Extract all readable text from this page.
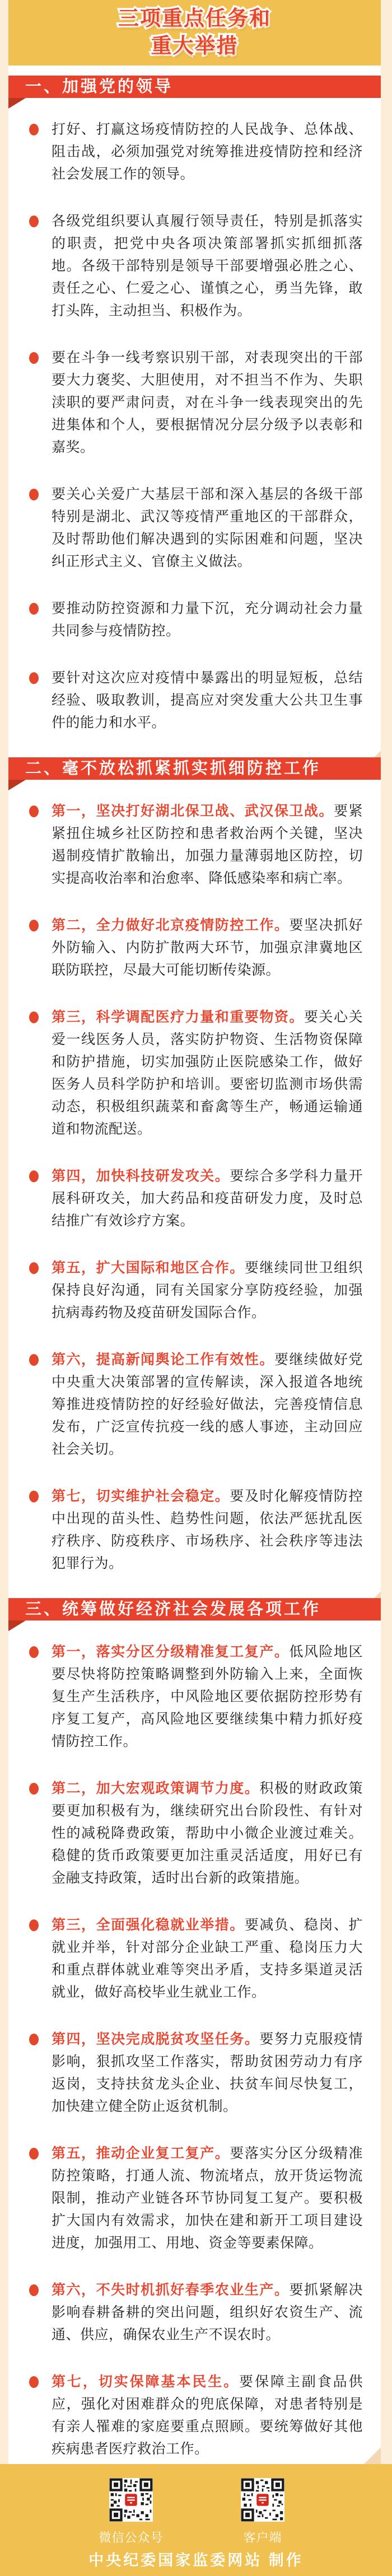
三项重点任务和
重大举措
一、加强党的领导
打好、打赢这场疫情防控的人民战争、总体战、阻击战，必须加强党对统筹推进疫情防控和经济社会发展工作的领导。
各级党组织要认真履行领导责任，特别是抓落实的职责，把党中央各项决策部署抓实抓细抓落地。各级干部特别是领导干部要增强必胜之心、责任之心、仁爱之心、谨慎之心，勇当先锋，敢打头阵，主动担当、积极作为。
要在斗争一线考察识别干部，对表现突出的干部要大力褒奖、大胆使用，对不担当不作为、失职渎职的要严肃问责，对在斗争一线表现突出的先进集体和个人，要根据情况分层分级予以表彰和嘉奖。
要关心关爱广大基层干部和深入基层的各级干部特别是湖北、武汉等疫情严重地区的干部群众，及时帮助他们解决遇到的实际困难和问题，坚决纠正形式主义、官僚主义做法。
要推动防控资源和力量下沉，充分调动社会力量共同参与疫情防控。
要针对这次应对疫情中暴露出的明显短板，总结经验、吸取教训，提高应对突发重大公共卫生事件的能力和水平。
二、毫不放松抓紧抓实抓细防控工作
第一，坚决打好湖北保卫战、武汉保卫战。要紧紧扭住城乡社区防控和患者救治两个关键，坚决遏制疫情扩散输出，加强力量薄弱地区防控，切实提高收治率和治愈率、降低感染率和病亡率。
第二，全力做好北京疫情防控工作。要坚决抓好外防输入、内防扩散两大环节，加强京津冀地区联防联控，尽最大可能切断传染源。
第三，科学调配医疗力量和重要物资。要关心关爱一线医务人员，落实防护物资、生活物资保障和防护措施，切实加强防止医院感染工作，做好医务人员科学防护和培训。要密切监测市场供需动态，积极组织蔬菜和畜禽等生产，畅通运输通道和物流配送。
第四，加快科技研发攻关。要综合多学科力量开展科研攻关，加大药品和疫苗研发力度，及时总结推广有效诊疗方案。
第五，扩大国际和地区合作。要继续同世卫组织保持良好沟通，同有关国家分享防疫经验，加强抗病毒药物及疫苗研发国际合作。
第六，提高新闻舆论工作有效性。要继续做好党中央重大决策部署的宣传解读，深入报道各地统筹推进疫情防控的好经验好做法，完善疫情信息发布，广泛宣传抗疫一线的感人事迹，主动回应社会关切。
第七，切实维护社会稳定。要及时化解疫情防控中出现的苗头性、趋势性问题，依法严惩扰乱医疗秩序、防疫秩序、市场秩序、社会秩序等违法犯罪行为。
三、统筹做好经济社会发展各项工作
第一，落实分区分级精准复工复产。低风险地区要尽快将防控策略调整到外防输入上来，全面恢复生产生活秩序，中风险地区要依据防控形势有序复工复产，高风险地区要继续集中精力抓好疫情防控工作。
第二，加大宏观政策调节力度。积极的财政政策要更加积极有为，继续研究出台阶段性、有针对性的减税降费政策，帮助中小微企业渡过难关。稳健的货币政策要更加注重灵活适度，用好已有金融支持政策，适时出台新的政策措施。
第三，全面强化稳就业举措。要减负、稳岗、扩就业并举，针对部分企业缺工严重、稳岗压力大和重点群体就业难等突出矛盾，支持多渠道灵活就业，做好高校毕业生就业工作。
第四，坚决完成脱贫攻坚任务。要努力克服疫情影响，狠抓攻坚工作落实，帮助贫困劳动力有序返岗，支持扶贫龙头企业、扶贫车间尽快复工，加快建立健全防止返贫机制。
第五，推动企业复工复产。要落实分区分级精准防控策略，打通人流、物流堵点，放开货运物流限制，推动产业链各环节协同复工复产。要积极扩大国内有效需求，加快在建和新开工项目建设进度，加强用工、用地、资金等要素保障。
第六，不失时机抓好春季农业生产。要抓紧解决影响春耕备耕的突出问题，组织好农资生产、流通、供应，确保农业生产不误农时。
第七，切实保障基本民生。要保障主副食品供应，强化对困难群众的兜底保障，对患者特别是有亲人罹难的家庭要重点照顾。要统筹做好其他疾病患者医疗救治工作。
微信公众号	客户端
中央纪委国家监委网站 制作
